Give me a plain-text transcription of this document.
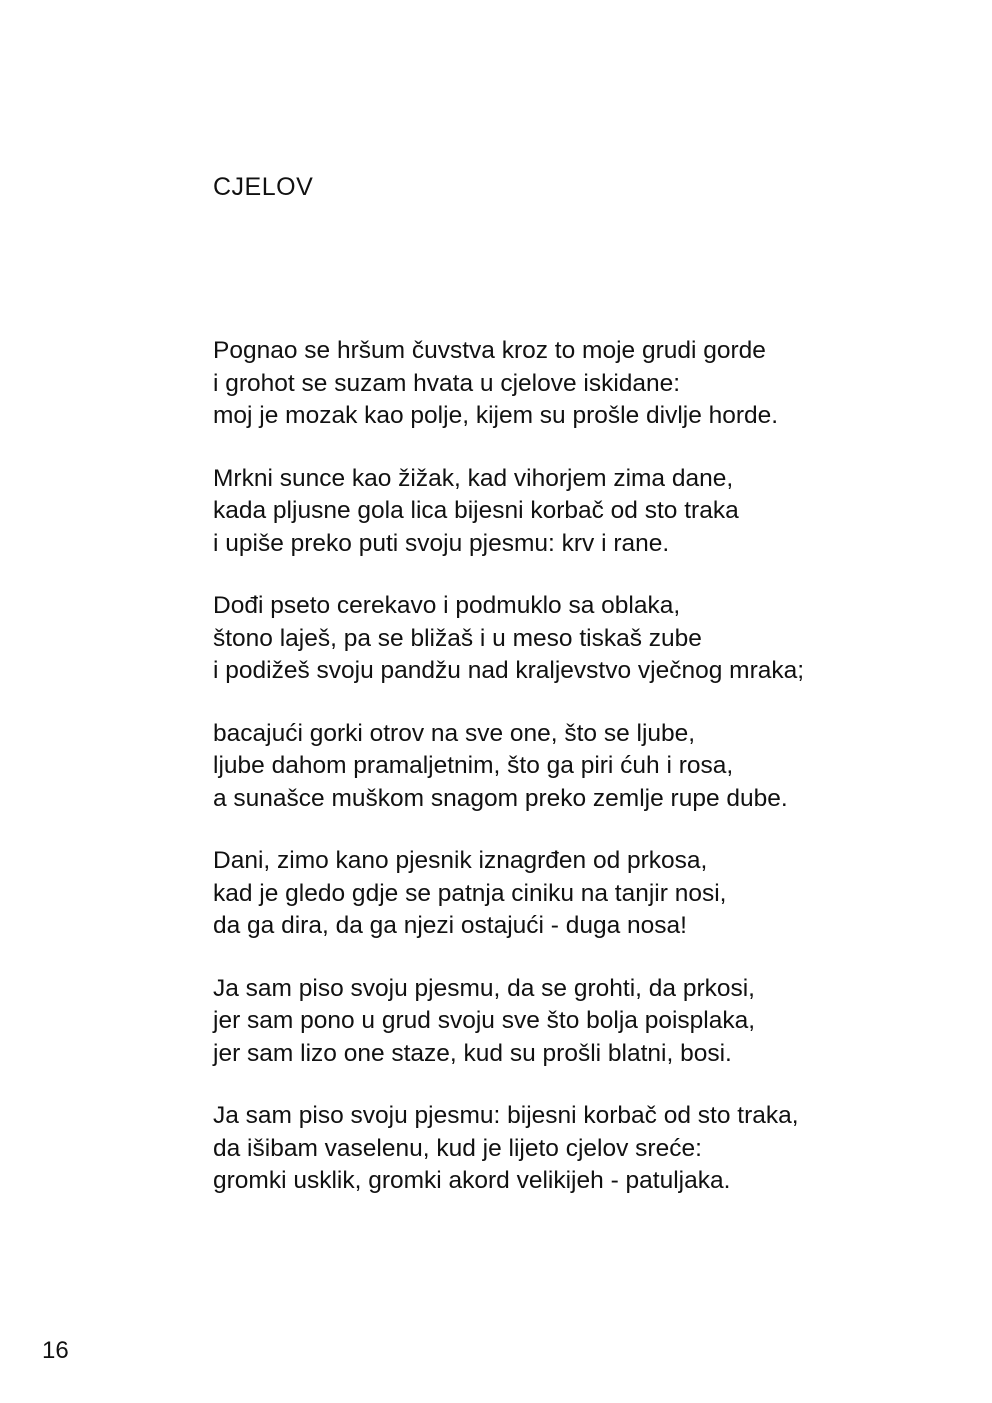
CJELOV
Pognao se hršum čuvstva kroz to moje grudi gorde
i grohot se suzam hvata u cjelove iskidane:
moj je mozak kao polje, kijem su prošle divlje horde.
Mrkni sunce kao žižak, kad vihorjem zima dane,
kada pljusne gola lica bijesni korbač od sto traka
i upiše preko puti svoju pjesmu: krv i rane.
Dođi pseto cerekavo i podmuklo sa oblaka,
štono laješ, pa se bližaš i u meso tiskaš zube
i podižeš svoju pandžu nad kraljevstvo vječnog mraka;
bacajući gorki otrov na sve one, što se ljube,
ljube dahom pramaljetnim, što ga piri ćuh i rosa,
a sunašce muškom snagom preko zemlje rupe dube.
Dani, zimo kano pjesnik iznagrđen od prkosa,
kad je gledo gdje se patnja ciniku na tanjir nosi,
da ga dira, da ga njezi ostajući - duga nosa!
Ja sam piso svoju pjesmu, da se grohti, da prkosi,
jer sam pono u grud svoju sve što bolja poisplaka,
jer sam lizo one staze, kud su prošli blatni, bosi.
Ja sam piso svoju pjesmu: bijesni korbač od sto traka,
da išibam vaselenu, kud je lijeto cjelov sreće:
gromki usklik, gromki akord velikijeh - patuljaka.
16
